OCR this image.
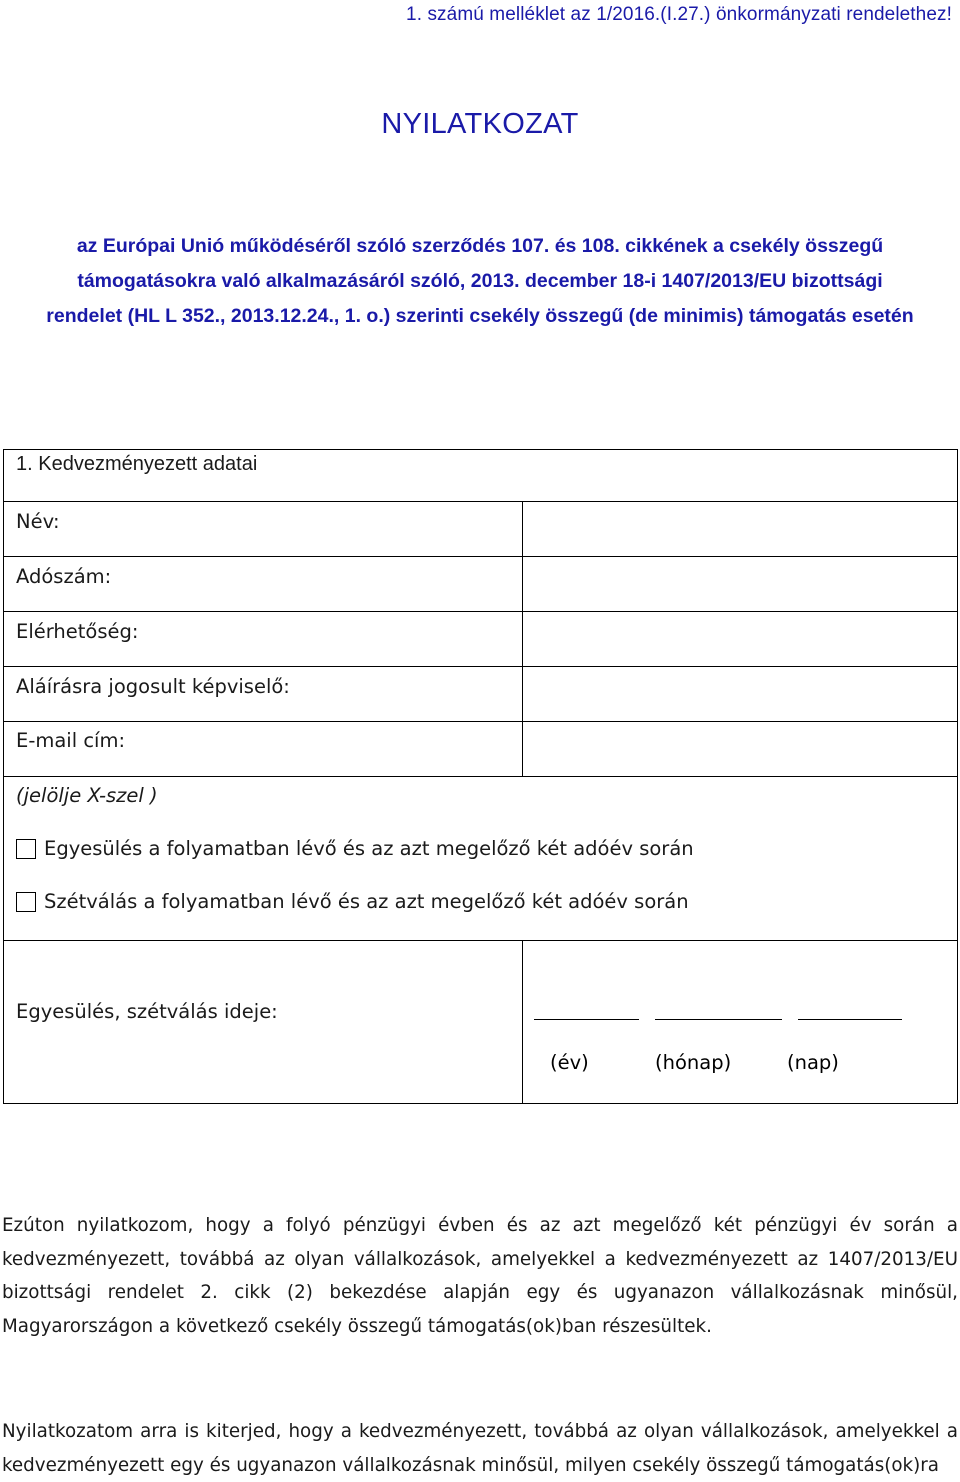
1. számú melléklet az 1/2016.(I.27.) önkormányzati rendelethez!
NYILATKOZAT
az Európai Unió működéséről szóló szerződés 107. és 108. cikkének a csekély összegű támogatásokra való alkalmazásáról szóló, 2013. december 18-i 1407/2013/EU bizottsági rendelet (HL L 352., 2013.12.24., 1. o.) szerinti csekély összegű (de minimis) támogatás esetén
1. Kedvezményezett adatai
Név:
Adószám:
Elérhetőség:
Aláírásra jogosult képviselő:
E-mail cím:
(jelölje X-szel )
Egyesülés a folyamatban lévő és az azt megelőző két adóév során
Szétválás a folyamatban lévő és az azt megelőző két adóév során
Egyesülés, szétválás ideje:
(év)	(hónap)	(nap)
Ezúton nyilatkozom, hogy a folyó pénzügyi évben és az azt megelőző két pénzügyi év során a kedvezményezett, továbbá az olyan vállalkozások, amelyekkel a kedvezményezett az 1407/2013/EU bizottsági rendelet 2. cikk (2) bekezdése alapján egy és ugyanazon vállalkozásnak minősül, Magyarországon a következő csekély összegű támogatás(ok)ban részesültek.
Nyilatkozatom arra is kiterjed, hogy a kedvezményezett, továbbá az olyan vállalkozások, amelyekkel a kedvezményezett egy és ugyanazon vállalkozásnak minősül, milyen csekély összegű támogatás(ok)ra
